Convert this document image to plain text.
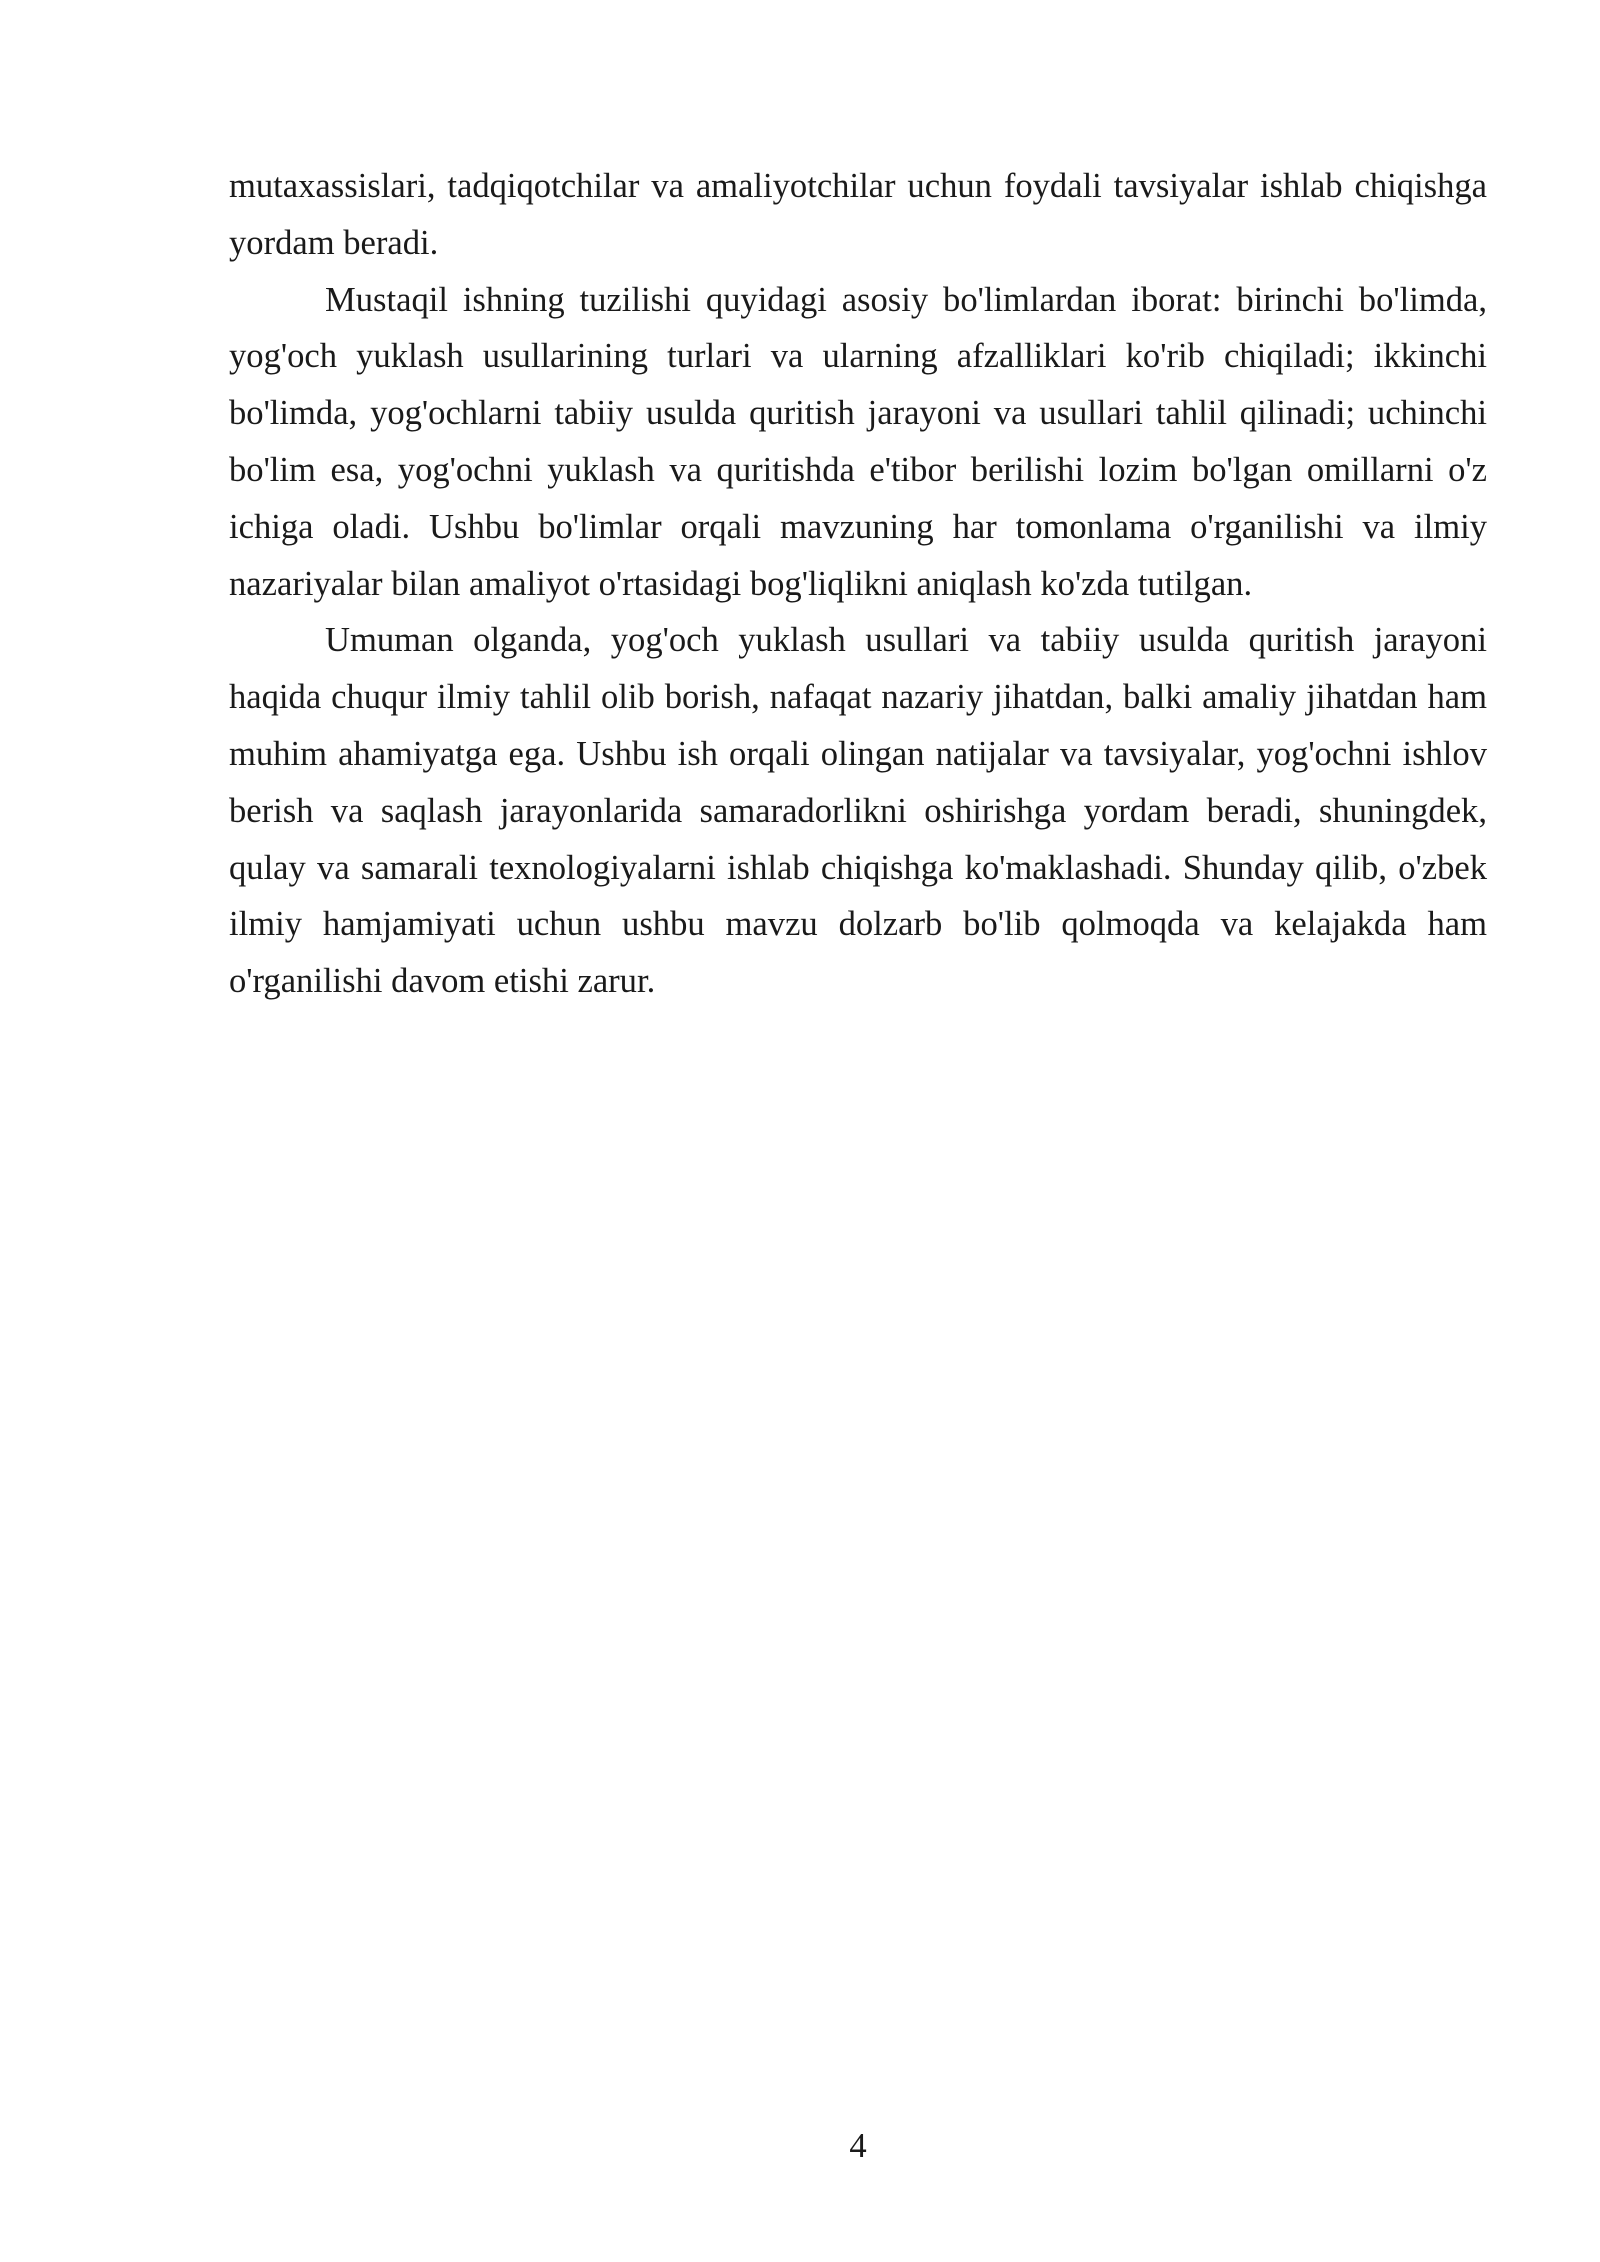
mutaxassislari, tadqiqotchilar va amaliyotchilar uchun foydali tavsiyalar ishlab chiqishga yordam beradi.

Mustaqil ishning tuzilishi quyidagi asosiy bo'limlardan iborat: birinchi bo'limda, yog'och yuklash usullarining turlari va ularning afzalliklari ko'rib chiqiladi; ikkinchi bo'limda, yog'ochlarni tabiiy usulda quritish jarayoni va usullari tahlil qilinadi; uchinchi bo'lim esa, yog'ochni yuklash va quritishda e'tibor berilishi lozim bo'lgan omillarni o'z ichiga oladi. Ushbu bo'limlar orqali mavzuning har tomonlama o'rganilishi va ilmiy nazariyalar bilan amaliyot o'rtasidagi bog'liqlikni aniqlash ko'zda tutilgan.

Umuman olganda, yog'och yuklash usullari va tabiiy usulda quritish jarayoni haqida chuqur ilmiy tahlil olib borish, nafaqat nazariy jihatdan, balki amaliy jihatdan ham muhim ahamiyatga ega. Ushbu ish orqali olingan natijalar va tavsiyalar, yog'ochni ishlov berish va saqlash jarayonlarida samaradorlikni oshirishga yordam beradi, shuningdek, qulay va samarali texnologiyalarni ishlab chiqishga ko'maklashadi. Shunday qilib, o'zbek ilmiy hamjamiyati uchun ushbu mavzu dolzarb bo'lib qolmoqda va kelajakda ham o'rganilishi davom etishi zarur.

4
